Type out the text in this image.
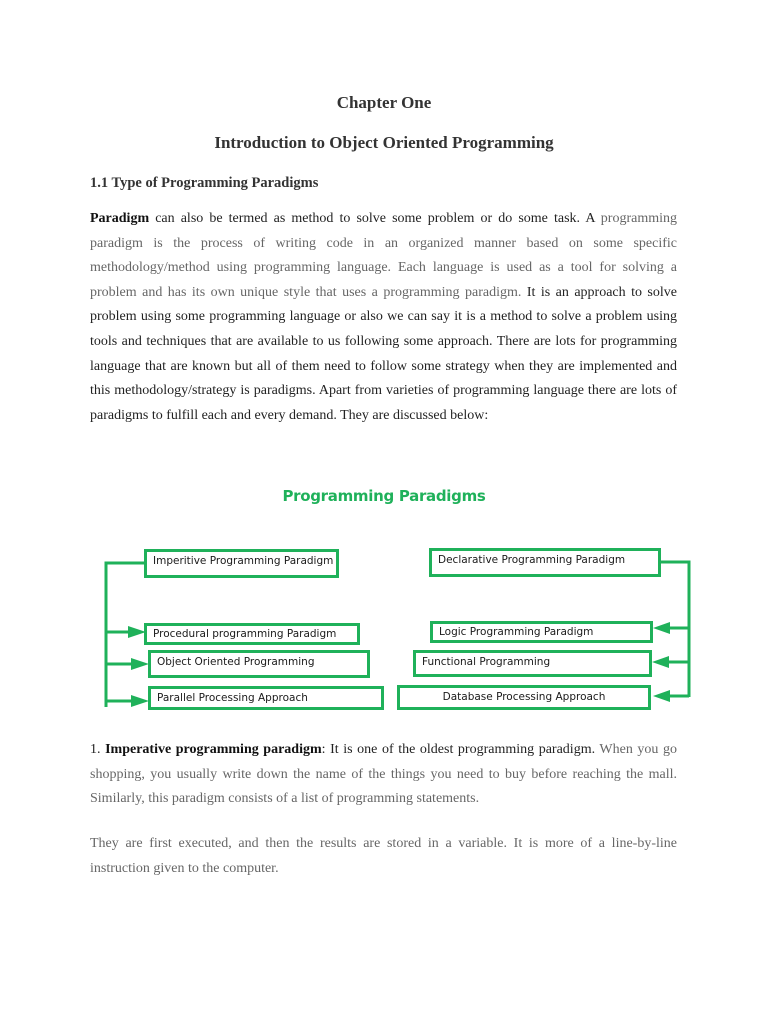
Chapter One
Introduction to Object Oriented Programming
1.1 Type of Programming Paradigms
Paradigm can also be termed as method to solve some problem or do some task. A programming paradigm is the process of writing code in an organized manner based on some specific methodology/method using programming language. Each language is used as a tool for solving a problem and has its own unique style that uses a programming paradigm. It is an approach to solve problem using some programming language or also we can say it is a method to solve a problem using tools and techniques that are available to us following some approach. There are lots for programming language that are known but all of them need to follow some strategy when they are implemented and this methodology/strategy is paradigms. Apart from varieties of programming language there are lots of paradigms to fulfill each and every demand. They are discussed below:
Programming Paradigms
Imperitive Programming Paradigm
Procedural programming Paradigm
Object Oriented Programming
Parallel Processing Approach
Declarative Programming Paradigm
Logic Programming Paradigm
Functional Programming
Database Processing Approach
1. Imperative programming paradigm: It is one of the oldest programming paradigm. When you go shopping, you usually write down the name of the things you need to buy before reaching the mall. Similarly, this paradigm consists of a list of programming statements.
They are first executed, and then the results are stored in a variable. It is more of a line-by-line instruction given to the computer.
